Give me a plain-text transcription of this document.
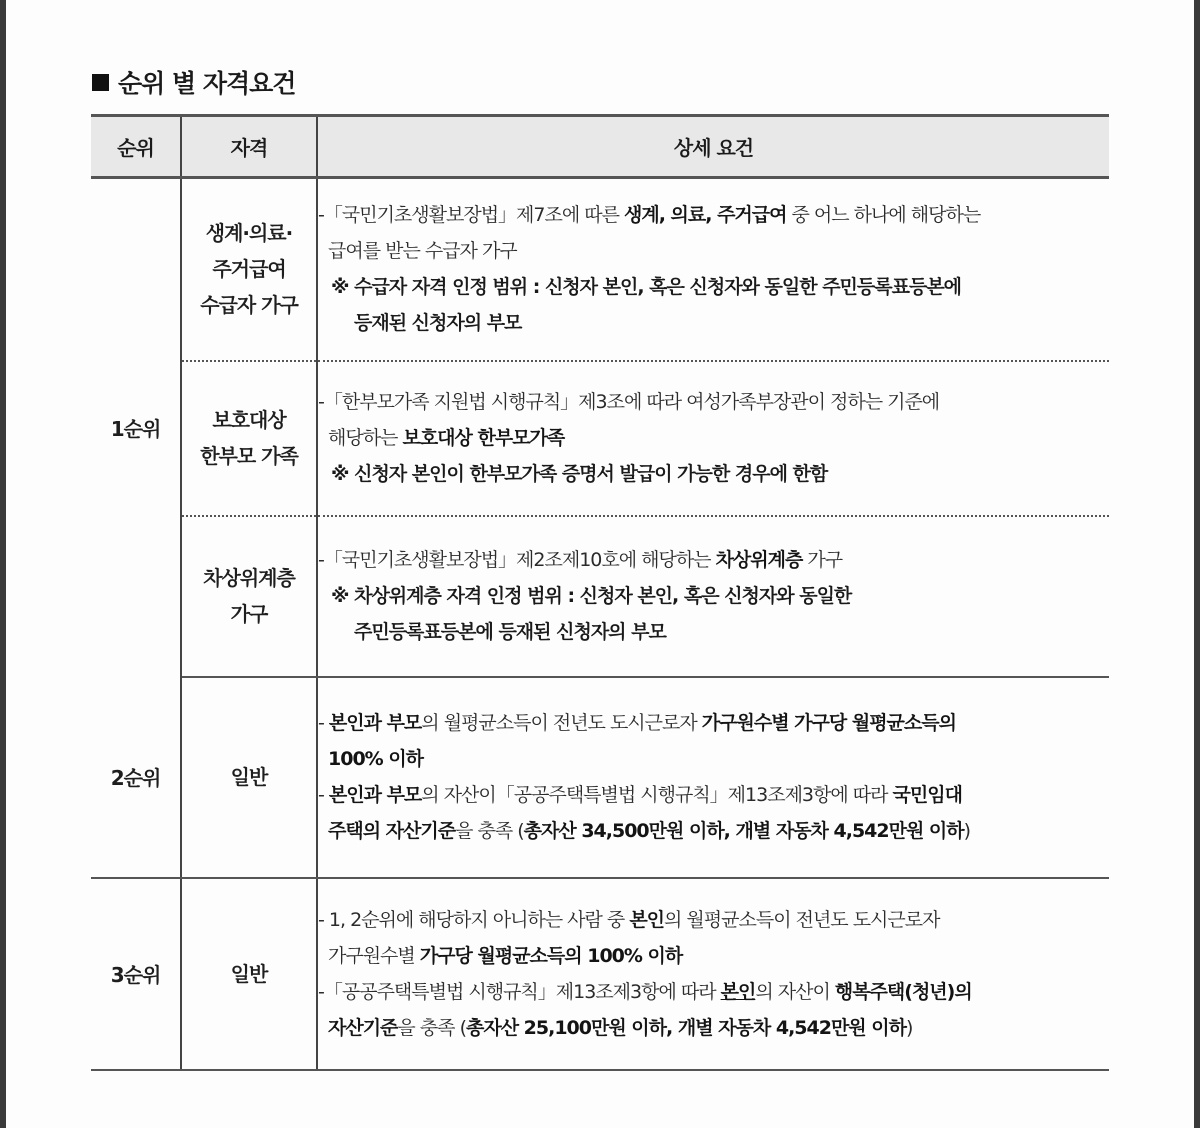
순위 별 자격요건
순위	자격	상세 요건
1순위	생계·의료·
주거급여
수급자 가구	-「국민기초생활보장법」제7조에 따른 생계, 의료, 주거급여 중 어느 하나에 해당하는
급여를 받는 수급자 가구
※ 수급자 자격 인정 범위 : 신청자 본인, 혹은 신청자와 동일한 주민등록표등본에
등재된 신청자의 부모

	보호대상
한부모 가족	-「한부모가족 지원법 시행규칙」제3조에 따라 여성가족부장관이 정하는 기준에
해당하는 보호대상 한부모가족
※ 신청자 본인이 한부모가족 증명서 발급이 가능한 경우에 한함

	차상위계층
가구	-「국민기초생활보장법」제2조제10호에 해당하는 차상위계층 가구
※ 차상위계층 자격 인정 범위 : 신청자 본인, 혹은 신청자와 동일한
주민등록표등본에 등재된 신청자의 부모

2순위	일반	- 본인과 부모의 월평균소득이 전년도 도시근로자 가구원수별 가구당 월평균소득의
100% 이하
- 본인과 부모의 자산이「공공주택특별법 시행규칙」제13조제3항에 따라 국민임대
주택의 자산기준을 충족 (총자산 34,500만원 이하, 개별 자동차 4,542만원 이하)

3순위	일반	- 1, 2순위에 해당하지 아니하는 사람 중 본인의 월평균소득이 전년도 도시근로자
가구원수별 가구당 월평균소득의 100% 이하
-「공공주택특별법 시행규칙」제13조제3항에 따라 본인의 자산이 행복주택(청년)의
자산기준을 충족 (총자산 25,100만원 이하, 개별 자동차 4,542만원 이하)
